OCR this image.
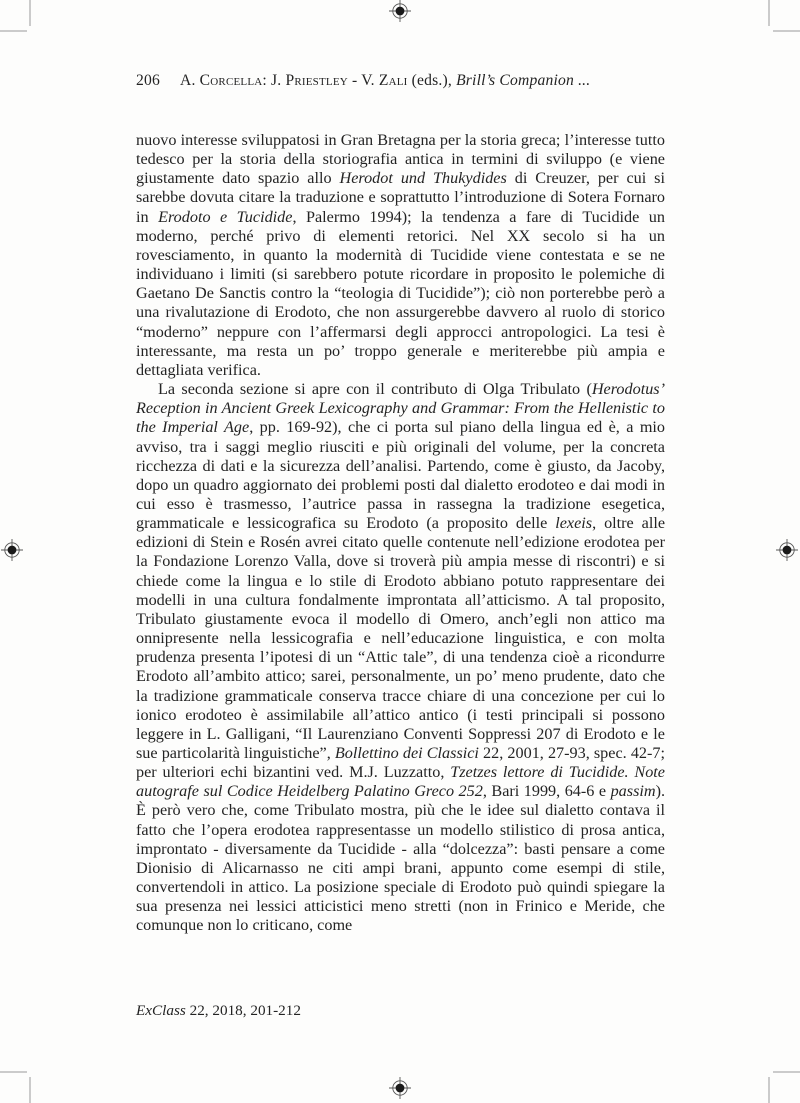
206	A. Corcella: J. Priestley - V. Zali (eds.), Brill’s Companion ...

nuovo interesse sviluppatosi in Gran Bretagna per la storia greca; l’interesse tutto tedesco per la storia della storiografia antica in termini di sviluppo (e viene giustamente dato spazio allo Herodot und Thukydides di Creuzer, per cui si sarebbe dovuta citare la traduzione e soprattutto l’introduzione di Sotera Fornaro in Erodoto e Tucidide, Palermo 1994); la tendenza a fare di Tucidide un moderno, perché privo di elementi retorici. Nel XX secolo si ha un rovesciamento, in quanto la modernità di Tucidide viene contestata e se ne individuano i limiti (si sarebbero potute ricordare in proposito le polemiche di Gaetano De Sanctis contro la “teologia di Tucidide”); ciò non porterebbe però a una rivalutazione di Erodoto, che non assurgerebbe davvero al ruolo di storico “moderno” neppure con l’affermarsi degli approcci antropologici. La tesi è interessante, ma resta un po’ troppo generale e meriterebbe più ampia e dettagliata verifica.

La seconda sezione si apre con il contributo di Olga Tribulato (Herodotus’ Reception in Ancient Greek Lexicography and Grammar: From the Hellenistic to the Imperial Age, pp. 169-92), che ci porta sul piano della lingua ed è, a mio avviso, tra i saggi meglio riusciti e più originali del volume, per la concreta ricchezza di dati e la sicurezza dell’analisi. Partendo, come è giusto, da Jacoby, dopo un quadro aggiornato dei problemi posti dal dialetto erodoteo e dai modi in cui esso è trasmesso, l’autrice passa in rassegna la tradizione esegetica, grammaticale e lessicografica su Erodoto (a proposito delle lexeis, oltre alle edizioni di Stein e Rosén avrei citato quelle contenute nell’edizione erodotea per la Fondazione Lorenzo Valla, dove si troverà più ampia messe di riscontri) e si chiede come la lingua e lo stile di Erodoto abbiano potuto rappresentare dei modelli in una cultura fondalmente improntata all’atticismo. A tal proposito, Tribulato giustamente evoca il modello di Omero, anch’egli non attico ma onnipresente nella lessicografia e nell’educazione linguistica, e con molta prudenza presenta l’ipotesi di un “Attic tale”, di una tendenza cioè a ricondurre Erodoto all’ambito attico; sarei, personalmente, un po’ meno prudente, dato che la tradizione grammaticale conserva tracce chiare di una concezione per cui lo ionico erodoteo è assimilabile all’attico antico (i testi principali si possono leggere in L. Galligani, “Il Laurenziano Conventi Soppressi 207 di Erodoto e le sue particolarità linguistiche”, Bollettino dei Classici 22, 2001, 27-93, spec. 42-7; per ulteriori echi bizantini ved. M.J. Luzzatto, Tzetzes lettore di Tucidide. Note autografe sul Codice Heidelberg Palatino Greco 252, Bari 1999, 64-6 e passim). È però vero che, come Tribulato mostra, più che le idee sul dialetto contava il fatto che l’opera erodotea rappresentasse un modello stilistico di prosa antica, improntato - diversamente da Tucidide - alla “dolcezza”: basti pensare a come Dionisio di Alicarnasso ne citi ampi brani, appunto come esempi di stile, convertendoli in attico. La posizione speciale di Erodoto può quindi spiegare la sua presenza nei lessici atticistici meno stretti (non in Frinico e Meride, che comunque non lo criticano, come

ExClass 22, 2018, 201-212
